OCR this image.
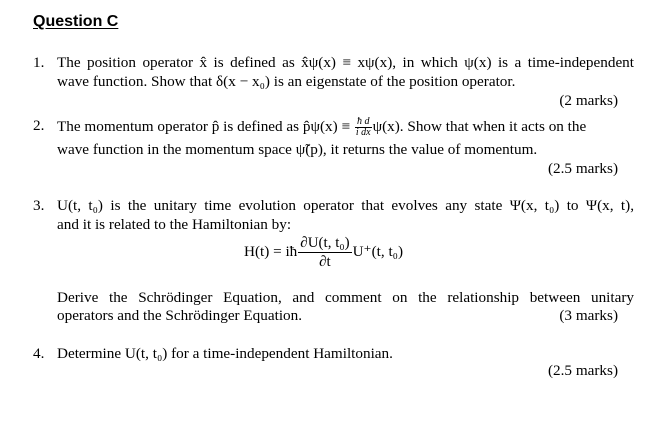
Question C
1. The position operator x̂ is defined as x̂ψ(x) ≡ xψ(x), in which ψ(x) is a time-independent

wave function. Show that δ(x − x₀) is an eigenstate of the position operator.

(2 marks)
2. The momentum operator p̂ is defined as p̂ψ(x) ≡ $\frac{\text{ħ d}}{\text{i dx}} \psi(x)$. Show that when it acts on the

wave function in the momentum space ψ̃(p), it returns the value of momentum.

(2.5 marks)
3. U(t, t₀) is the unitary time evolution operator that evolves any state Ψ(x, t₀) to Ψ(x, t),

and it is related to the Hamiltonian by:

H(t) = iħ $\frac{\text{∂U(t, t₀)}}{\partial t} U^+(t$, t₀)

Derive the Schrödinger Equation, and comment on the relationship between unitary

operators and the Schrödinger Equation.	(3 marks)
4. Determine U(t, t₀) for a time-independent Hamiltonian.

(2.5 marks)
